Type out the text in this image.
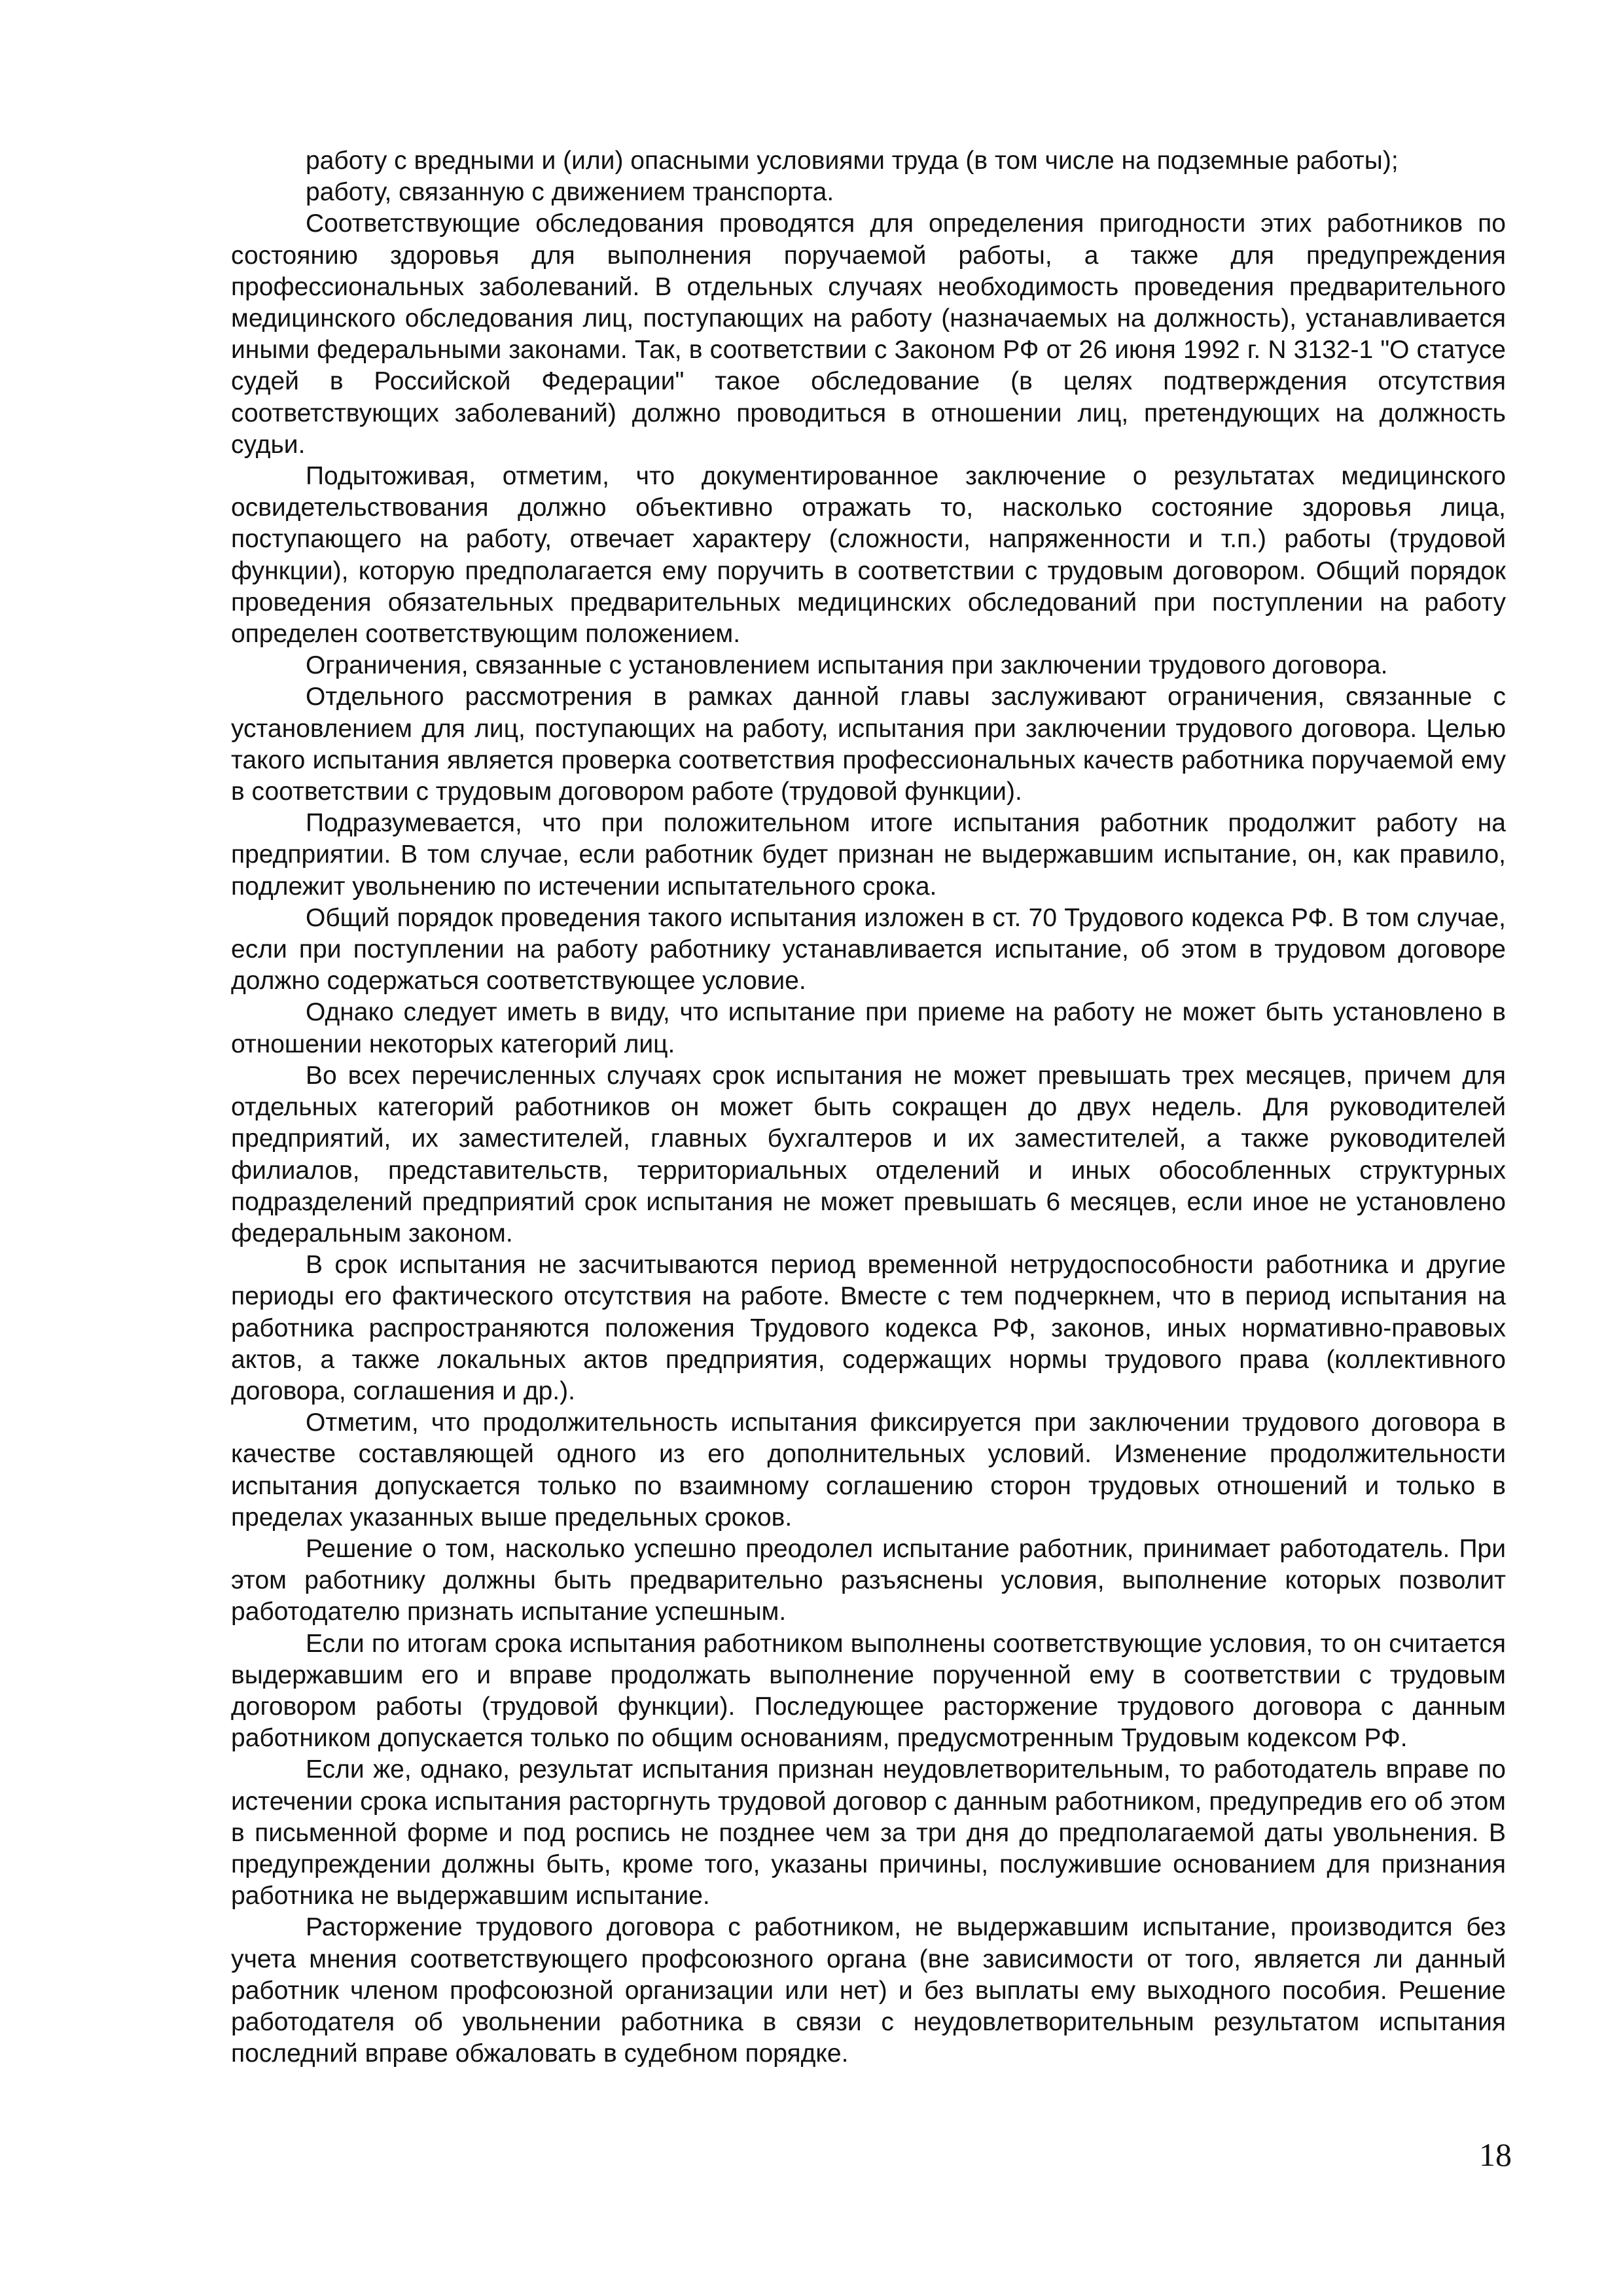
работу с вредными и (или) опасными условиями труда (в том числе на подземные работы);

работу, связанную с движением транспорта.

Соответствующие обследования проводятся для определения пригодности этих работников по состоянию здоровья для выполнения поручаемой работы, а также для предупреждения профессиональных заболеваний. В отдельных случаях необходимость проведения предварительного медицинского обследования лиц, поступающих на работу (назначаемых на должность), устанавливается иными федеральными законами. Так, в соответствии с Законом РФ от 26 июня 1992 г. N 3132-1 "О статусе судей в Российской Федерации" такое обследование (в целях подтверждения отсутствия соответствующих заболеваний) должно проводиться в отношении лиц, претендующих на должность судьи.

Подытоживая, отметим, что документированное заключение о результатах медицинского освидетельствования должно объективно отражать то, насколько состояние здоровья лица, поступающего на работу, отвечает характеру (сложности, напряженности и т.п.) работы (трудовой функции), которую предполагается ему поручить в соответствии с трудовым договором. Общий порядок проведения обязательных предварительных медицинских обследований при поступлении на работу определен соответствующим положением.

Ограничения, связанные с установлением испытания при заключении трудового договора.

Отдельного рассмотрения в рамках данной главы заслуживают ограничения, связанные с установлением для лиц, поступающих на работу, испытания при заключении трудового договора. Целью такого испытания является проверка соответствия профессиональных качеств работника поручаемой ему в соответствии с трудовым договором работе (трудовой функции).

Подразумевается, что при положительном итоге испытания работник продолжит работу на предприятии. В том случае, если работник будет признан не выдержавшим испытание, он, как правило, подлежит увольнению по истечении испытательного срока.

Общий порядок проведения такого испытания изложен в ст. 70 Трудового кодекса РФ. В том случае, если при поступлении на работу работнику устанавливается испытание, об этом в трудовом договоре должно содержаться соответствующее условие.

Однако следует иметь в виду, что испытание при приеме на работу не может быть установлено в отношении некоторых категорий лиц.

Во всех перечисленных случаях срок испытания не может превышать трех месяцев, причем для отдельных категорий работников он может быть сокращен до двух недель. Для руководителей предприятий, их заместителей, главных бухгалтеров и их заместителей, а также руководителей филиалов, представительств, территориальных отделений и иных обособленных структурных подразделений предприятий срок испытания не может превышать 6 месяцев, если иное не установлено федеральным законом.

В срок испытания не засчитываются период временной нетрудоспособности работника и другие периоды его фактического отсутствия на работе. Вместе с тем подчеркнем, что в период испытания на работника распространяются положения Трудового кодекса РФ, законов, иных нормативно-правовых актов, а также локальных актов предприятия, содержащих нормы трудового права (коллективного договора, соглашения и др.).

Отметим, что продолжительность испытания фиксируется при заключении трудового договора в качестве составляющей одного из его дополнительных условий. Изменение продолжительности испытания допускается только по взаимному соглашению сторон трудовых отношений и только в пределах указанных выше предельных сроков.

Решение о том, насколько успешно преодолел испытание работник, принимает работодатель. При этом работнику должны быть предварительно разъяснены условия, выполнение которых позволит работодателю признать испытание успешным.

Если по итогам срока испытания работником выполнены соответствующие условия, то он считается выдержавшим его и вправе продолжать выполнение порученной ему в соответствии с трудовым договором работы (трудовой функции). Последующее расторжение трудового договора с данным работником допускается только по общим основаниям, предусмотренным Трудовым кодексом РФ.

Если же, однако, результат испытания признан неудовлетворительным, то работодатель вправе по истечении срока испытания расторгнуть трудовой договор с данным работником, предупредив его об этом в письменной форме и под роспись не позднее чем за три дня до предполагаемой даты увольнения. В предупреждении должны быть, кроме того, указаны причины, послужившие основанием для признания работника не выдержавшим испытание.

Расторжение трудового договора с работником, не выдержавшим испытание, производится без учета мнения соответствующего профсоюзного органа (вне зависимости от того, является ли данный работник членом профсоюзной организации или нет) и без выплаты ему выходного пособия. Решение работодателя об увольнении работника в связи с неудовлетворительным результатом испытания последний вправе обжаловать в судебном порядке.

18
